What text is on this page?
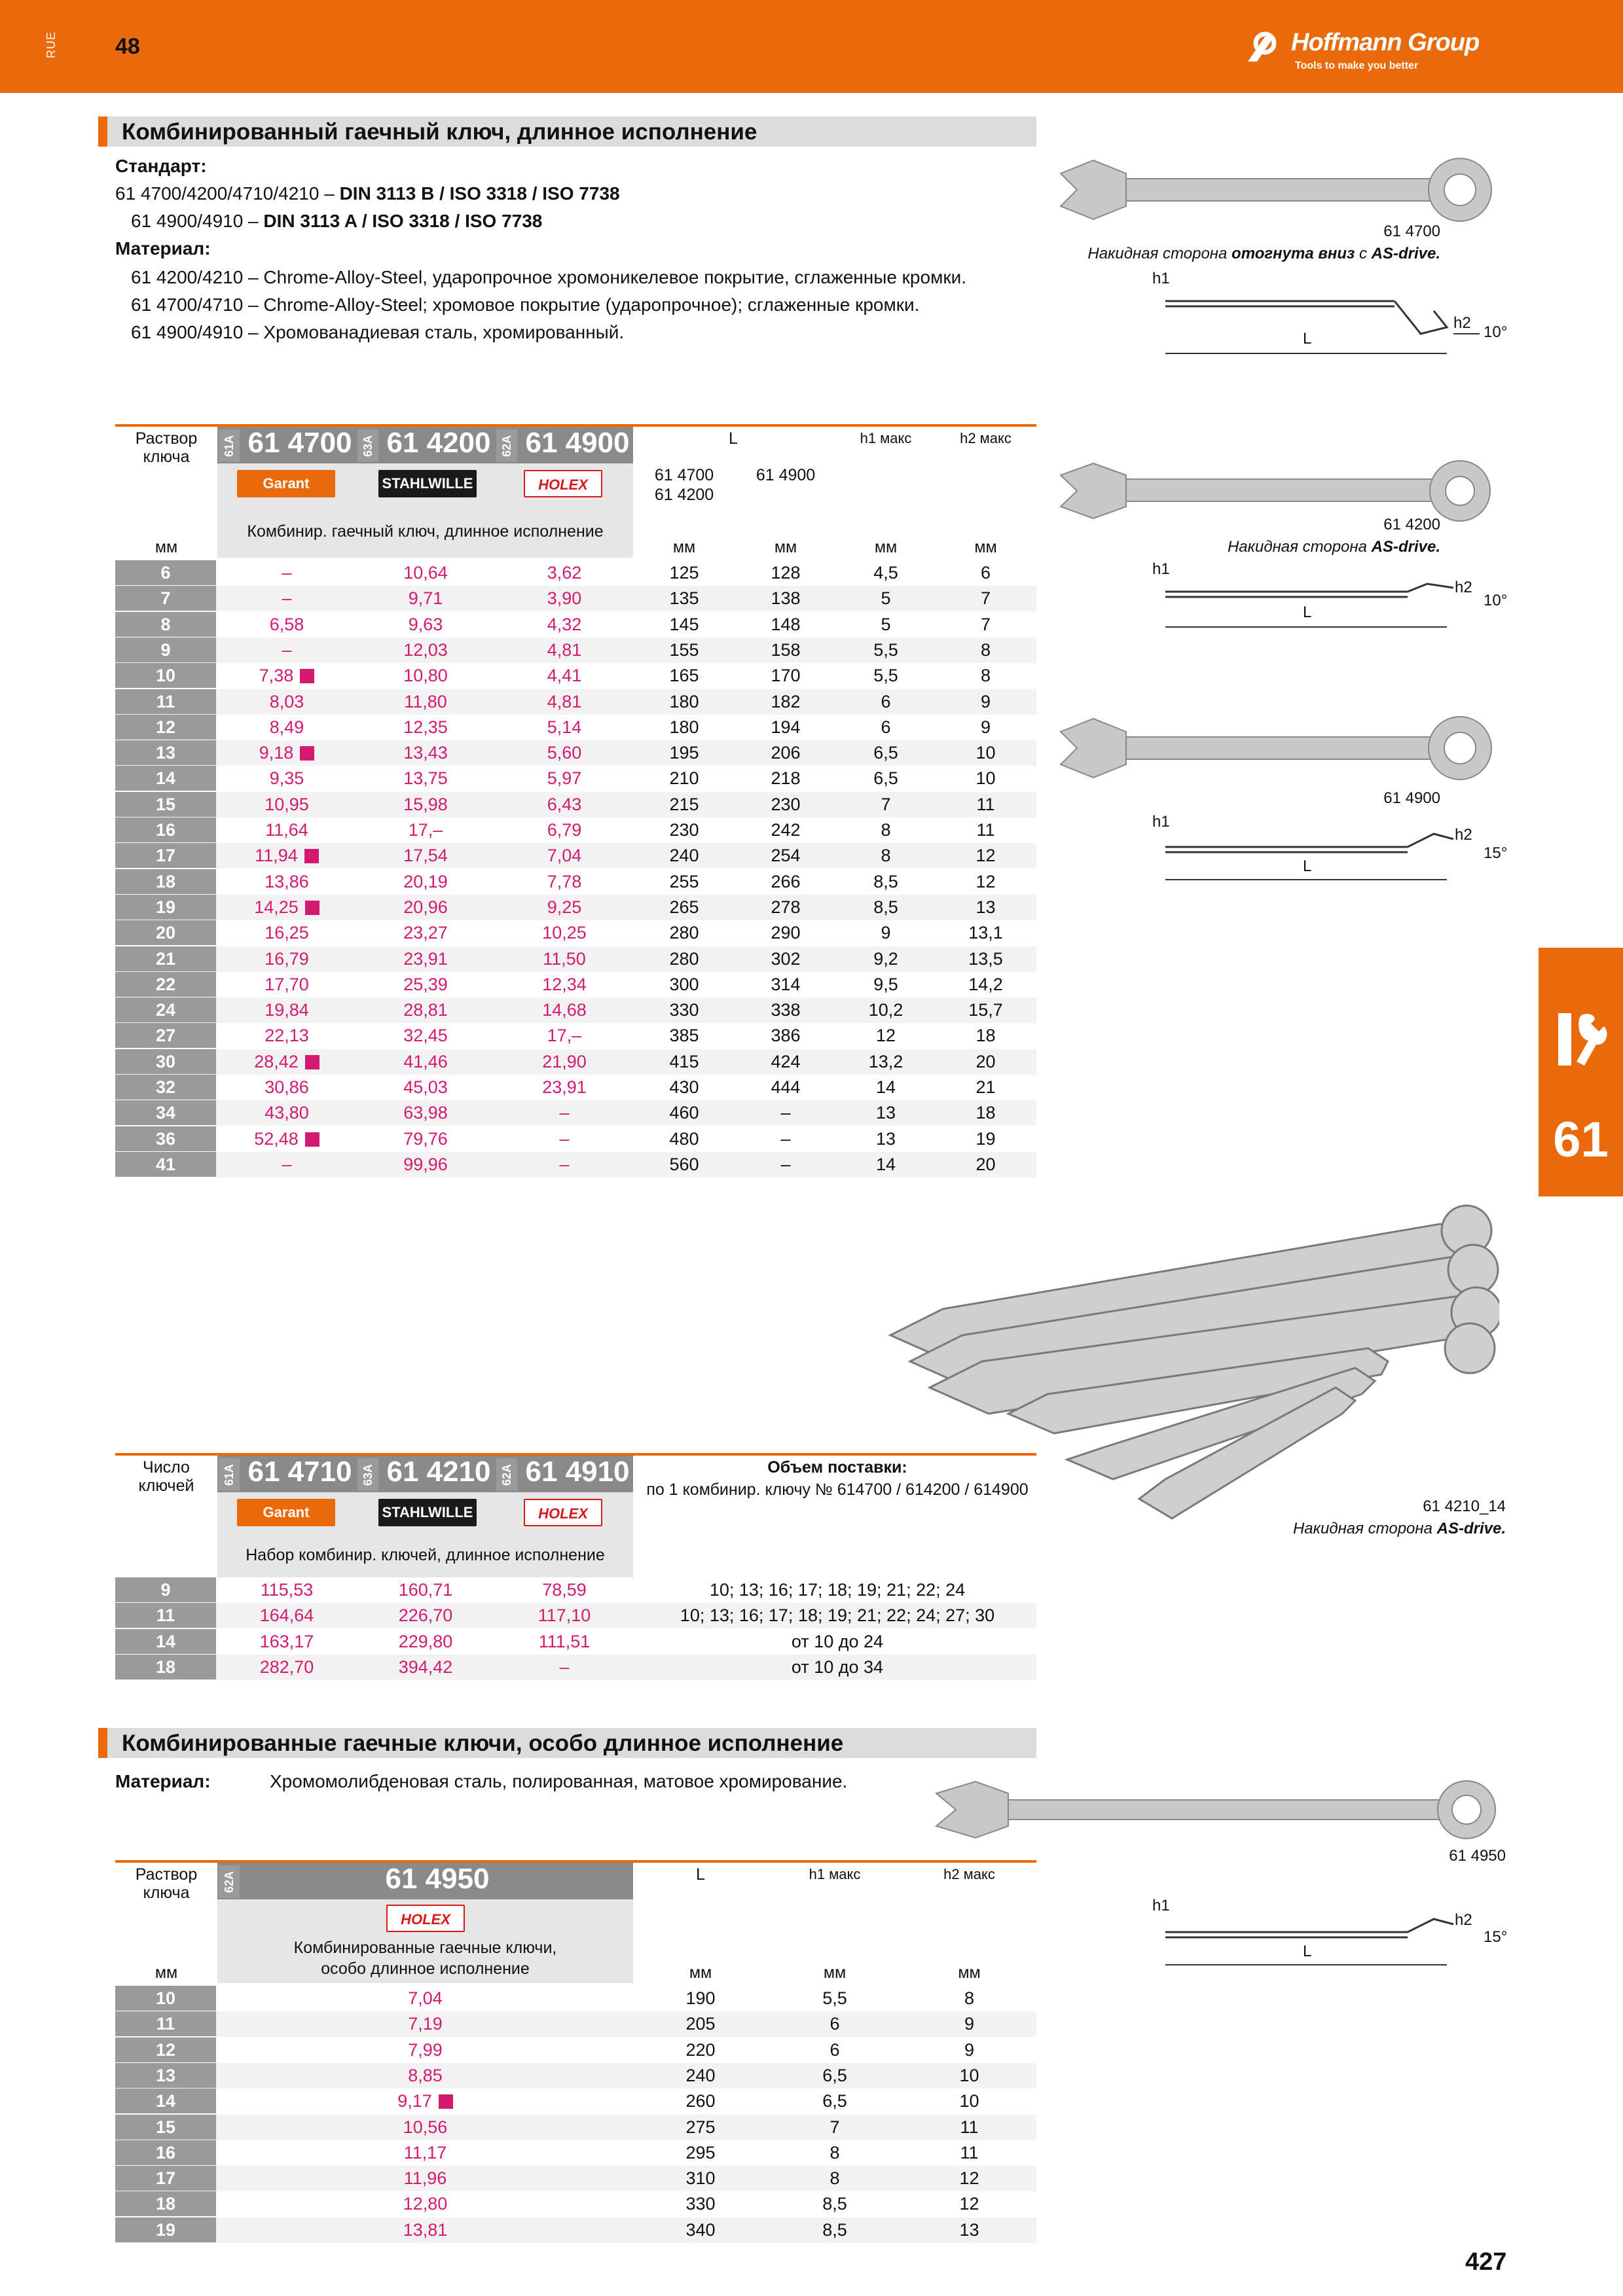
RUE	48	Hoffmann Group
Tools to make you better
61
Комбинированный гаечный ключ, длинное исполнение
Стандарт:
61 4700/4200/4710/4210 – DIN 3113 B / ISO 3318 / ISO 7738
61 4900/4910 – DIN 3113 A / ISO 3318 / ISO 7738
Материал:
61 4200/4210 – Chrome-Alloy-Steel, ударопрочное хромоникелевое покрытие, сглаженные кромки.
61 4700/4710 – Chrome-Alloy-Steel; хромовое покрытие (ударопрочное); сглаженные кромки.
61 4900/4910 – Хромованадиевая сталь, хромированный.
61 4700
Накидная сторона отогнута вниз с AS-drive.
h1
h2
L	10°
61 4200
Накидная сторона AS-drive.
h1
h2
L
10°
61 4900
h1
h2
L
15°
Раствор ключа
61A 61 4700 63A 61 4200 62A 61 4900
Garant	STAHLWILLE	HOLEX
Комбинир. гаечный ключ, длинное исполнение
L
61 4700
61 4200
61 4900
h1 макс	h2 макс
мм	мм	мм	мм	мм
6	–	10,64	3,62	125	128	4,5	6
7	–	9,71	3,90	135	138	5	7
8	6,58	9,63	4,32	145	148	5	7
9	–	12,03	4,81	155	158	5,5	8
10	7,38	10,80	4,41	165	170	5,5	8
11	8,03	11,80	4,81	180	182	6	9
12	8,49	12,35	5,14	180	194	6	9
13	9,18	13,43	5,60	195	206	6,5	10
14	9,35	13,75	5,97	210	218	6,5	10
15	10,95	15,98	6,43	215	230	7	11
16	11,64	17,–	6,79	230	242	8	11
17	11,94	17,54	7,04	240	254	8	12
18	13,86	20,19	7,78	255	266	8,5	12
19	14,25	20,96	9,25	265	278	8,5	13
20	16,25	23,27	10,25	280	290	9	13,1
21	16,79	23,91	11,50	280	302	9,2	13,5
22	17,70	25,39	12,34	300	314	9,5	14,2
24	19,84	28,81	14,68	330	338	10,2	15,7
27	22,13	32,45	17,–	385	386	12	18
30	28,42	41,46	21,90	415	424	13,2	20
32	30,86	45,03	23,91	430	444	14	21
34	43,80	63,98	–	460	–	13	18
36	52,48	79,76	–	480	–	13	19
41	–	99,96	–	560	–	14	20
61 4210_14
Накидная сторона AS-drive.
Число ключей
61A 61 4710 63A 61 4210 62A 61 4910
Garant	STAHLWILLE	HOLEX
Набор комбинир. ключей, длинное исполнение
Объем поставки:
по 1 комбинир. ключу № 614700 / 614200 / 614900
9	115,53	160,71	78,59	10; 13; 16; 17; 18; 19; 21; 22; 24
11	164,64	226,70	117,10	10; 13; 16; 17; 18; 19; 21; 22; 24; 27; 30
14	163,17	229,80	111,51	от 10 до 24
18	282,70	394,42	–	от 10 до 34
Комбинированные гаечные ключи, особо длинное исполнение
Материал:	Хромомолибденовая сталь, полированная, матовое хромирование.
61 4950
h1
h2
L
15°
Раствор ключа
62A	61 4950
HOLEX
Комбинированные гаечные ключи,
особо длинное исполнение
L	h1 макс	h2 макс
мм	мм	мм	мм
10	7,04	190	5,5	8
11	7,19	205	6	9
12	7,99	220	6	9
13	8,85	240	6,5	10
14	9,17	260	6,5	10
15	10,56	275	7	11
16	11,17	295	8	11
17	11,96	310	8	12
18	12,80	330	8,5	12
19	13,81	340	8,5	13
427
